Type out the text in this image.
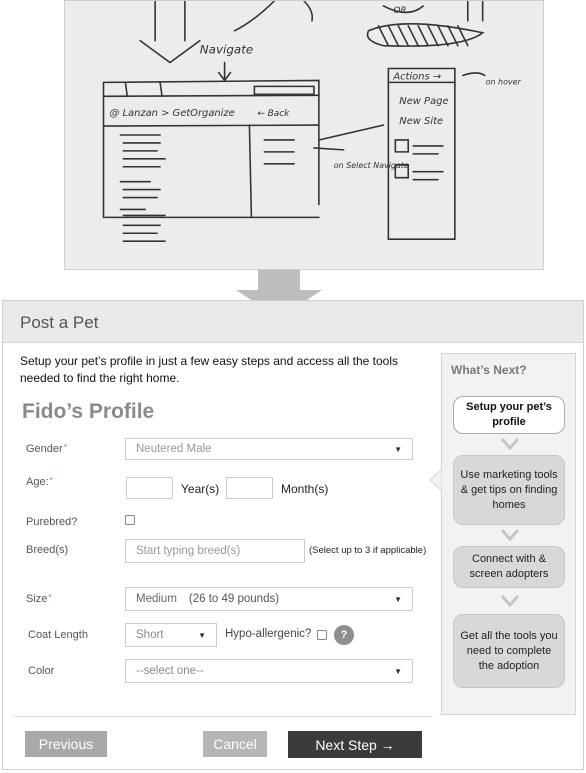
Navigate
@ Lanzan > GetOrganize	← Back
OR
Actions →
New Page
New Site
on hover
on Select Navigate
Post a Pet
Setup your pet’s profile in just a few easy steps and access all the tools needed to find the right home.
Fido’s Profile
Gender*	Neutered Male	▼
Age:*
Year(s)	Month(s)
Purebred?
Breed(s)	Start typing breed(s)	(Select up to 3 if applicable)
Size*	Medium (26 to 49 pounds)	▼
Coat Length	Short	▼ Hypo-allergenic?	?
Color	--select one--	▼
Previous	Cancel	Next Step →
What’s Next?
Setup your pet’s profile
Use marketing tools & get tips on finding homes
Connect with & screen adopters
Get all the tools you need to complete the adoption
